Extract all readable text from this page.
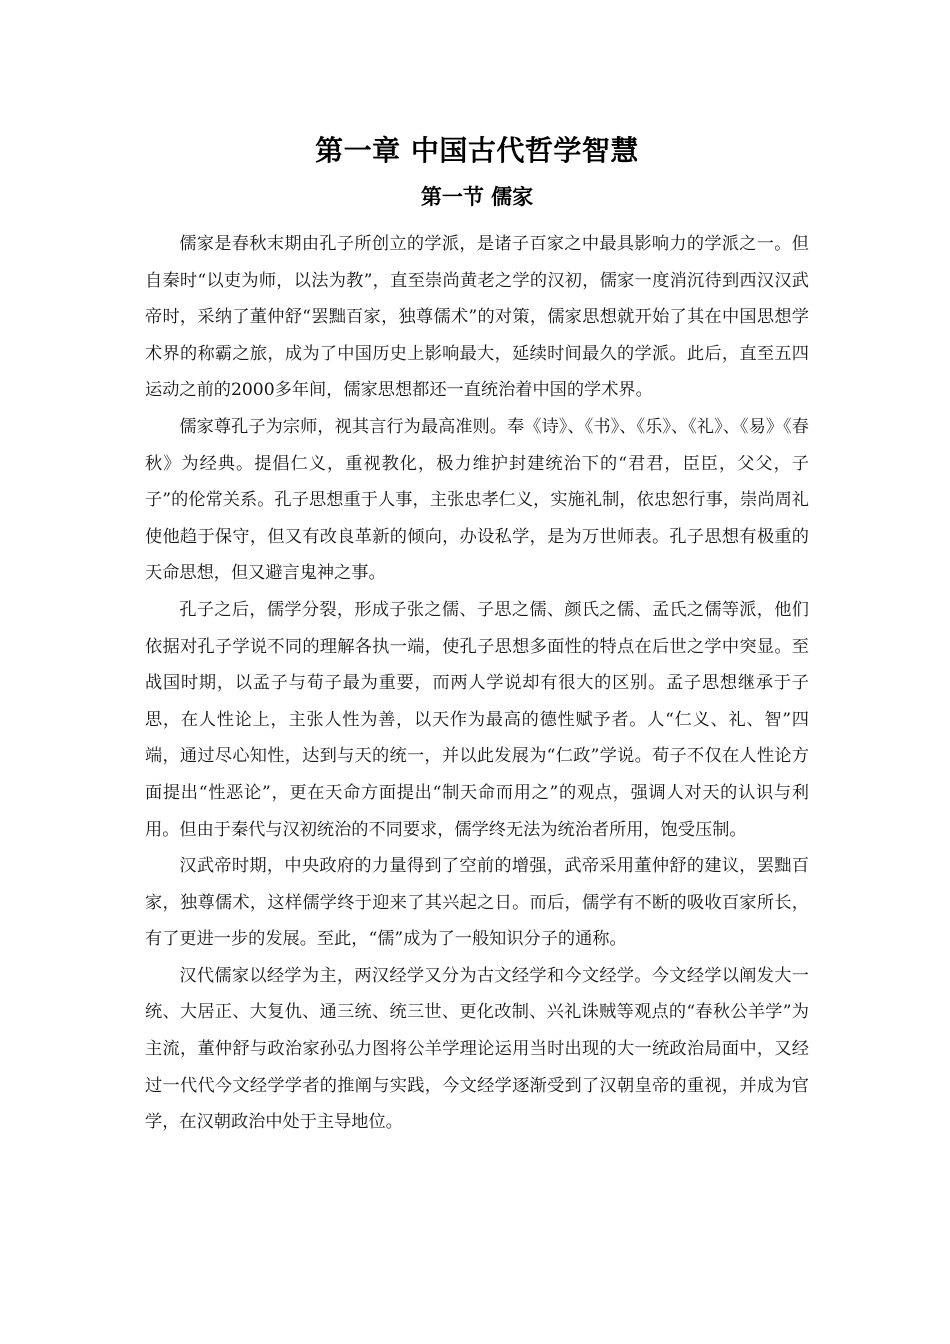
第一章 中国古代哲学智慧
第一节 儒家

儒家是春秋末期由孔子所创立的学派，是诸子百家之中最具影响力的学派之一。但自秦时“以吏为师，以法为教”，直至崇尚黄老之学的汉初，儒家一度消沉待到西汉汉武帝时，采纳了董仲舒“罢黜百家，独尊儒术”的对策，儒家思想就开始了其在中国思想学术界的称霸之旅，成为了中国历史上影响最大，延续时间最久的学派。此后，直至五四运动之前的2000多年间，儒家思想都还一直统治着中国的学术界。

儒家尊孔子为宗师，视其言行为最高准则。奉《诗》、《书》、《乐》、《礼》、《易》《春秋》为经典。提倡仁义，重视教化，极力维护封建统治下的“君君，臣臣，父父，子子”的伦常关系。孔子思想重于人事，主张忠孝仁义，实施礼制，依忠恕行事，崇尚周礼使他趋于保守，但又有改良革新的倾向，办设私学，是为万世师表。孔子思想有极重的天命思想，但又避言鬼神之事。

孔子之后，儒学分裂，形成子张之儒、子思之儒、颜氏之儒、孟氏之儒等派，他们依据对孔子学说不同的理解各执一端，使孔子思想多面性的特点在后世之学中突显。至战国时期，以孟子与荀子最为重要，而两人学说却有很大的区别。孟子思想继承于子思，在人性论上，主张人性为善，以天作为最高的德性赋予者。人“仁义、礼、智”四端，通过尽心知性，达到与天的统一，并以此发展为“仁政”学说。荀子不仅在人性论方面提出“性恶论”，更在天命方面提出“制天命而用之”的观点，强调人对天的认识与利用。但由于秦代与汉初统治的不同要求，儒学终无法为统治者所用，饱受压制。

汉武帝时期，中央政府的力量得到了空前的增强，武帝采用董仲舒的建议，罢黜百家，独尊儒术，这样儒学终于迎来了其兴起之日。而后，儒学有不断的吸收百家所长，有了更进一步的发展。至此，“儒”成为了一般知识分子的通称。

汉代儒家以经学为主，两汉经学又分为古文经学和今文经学。今文经学以阐发大一统、大居正、大复仇、通三统、统三世、更化改制、兴礼诛贼等观点的“春秋公羊学”为主流，董仲舒与政治家孙弘力图将公羊学理论运用当时出现的大一统政治局面中，又经过一代代今文经学学者的推阐与实践，今文经学逐渐受到了汉朝皇帝的重视，并成为官学，在汉朝政治中处于主导地位。
